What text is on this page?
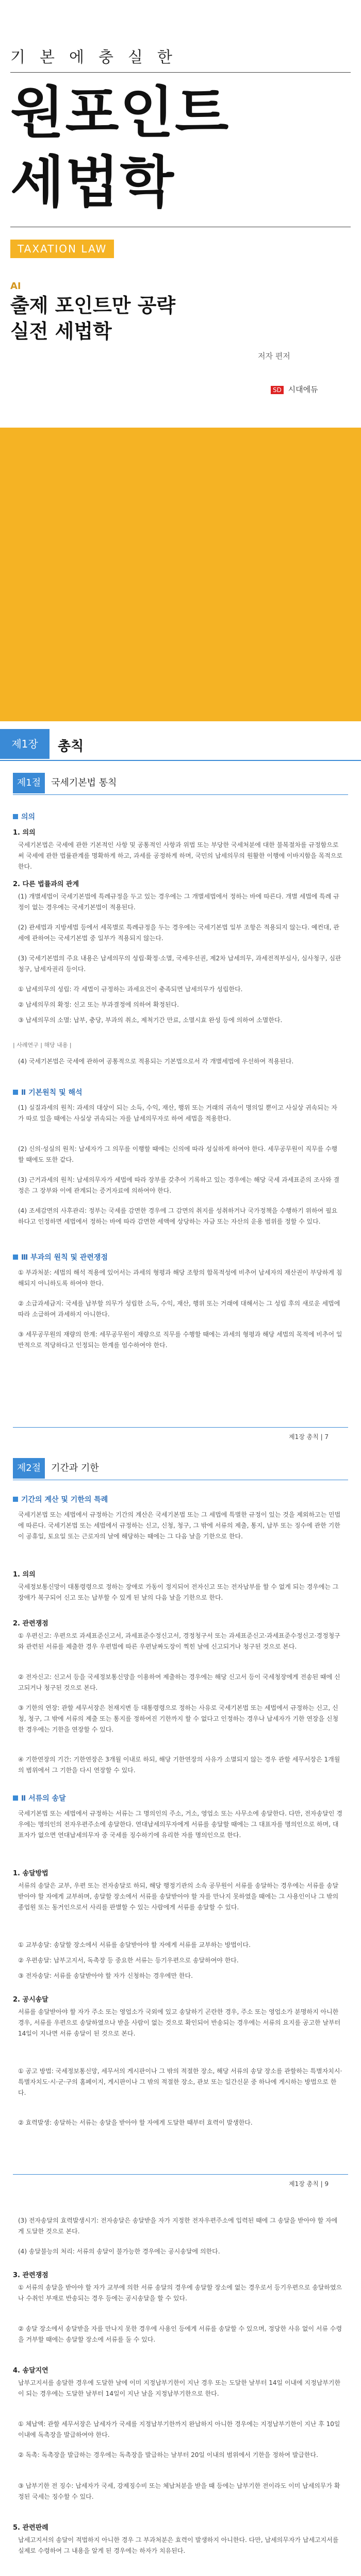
기본에충실한
원포인트
세법학
TAXATION LAW
AI
출제 포인트만 공략
실전 세법학
저자 편저
SD 시대에듀
제1장	총칙
제1절	국세기본법 통칙
의의
1. 의의
국세기본법은 국세에 관한 기본적인 사항 및 공통적인 사항과 위법 또는 부당한 국세처분에 대한 불복절차를 규정함으로써 국세에 관한 법률관계를 명확하게 하고, 과세를 공정하게 하며, 국민의 납세의무의 원활한 이행에 이바지함을 목적으로 한다.
2. 다른 법률과의 관계
(1) 개별세법이 국세기본법에 특례규정을 두고 있는 경우에는 그 개별세법에서 정하는 바에 따른다. 개별 세법에 특례 규정이 없는 경우에는 국세기본법이 적용된다.
(2) 관세법과 지방세법 등에서 세목별로 특례규정을 두는 경우에는 국세기본법 일부 조항은 적용되지 않는다. 예컨대, 관세에 관하여는 국세기본법 중 일부가 적용되지 않는다.
(3) 국세기본법의 주요 내용은 납세의무의 성립·확정·소멸, 국세우선권, 제2차 납세의무, 과세전적부심사, 심사청구, 심판청구, 납세자권리 등이다.
① 납세의무의 성립: 각 세법이 규정하는 과세요건이 충족되면 납세의무가 성립한다.
② 납세의무의 확정: 신고 또는 부과결정에 의하여 확정된다.
③ 납세의무의 소멸: 납부, 충당, 부과의 취소, 제척기간 만료, 소멸시효 완성 등에 의하여 소멸한다.
| 사례연구 | 해당 내용 |
(4) 국세기본법은 국세에 관하여 공통적으로 적용되는 기본법으로서 각 개별세법에 우선하여 적용된다.
Ⅱ 기본원칙 및 해석
(1) 실질과세의 원칙: 과세의 대상이 되는 소득, 수익, 재산, 행위 또는 거래의 귀속이 명의일 뿐이고 사실상 귀속되는 자가 따로 있을 때에는 사실상 귀속되는 자를 납세의무자로 하여 세법을 적용한다.
(2) 신의·성실의 원칙: 납세자가 그 의무를 이행할 때에는 신의에 따라 성실하게 하여야 한다. 세무공무원이 직무를 수행할 때에도 또한 같다.
(3) 근거과세의 원칙: 납세의무자가 세법에 따라 장부를 갖추어 기록하고 있는 경우에는 해당 국세 과세표준의 조사와 결정은 그 장부와 이에 관계되는 증거자료에 의하여야 한다.
(4) 조세감면의 사후관리: 정부는 국세를 감면한 경우에 그 감면의 취지를 성취하거나 국가정책을 수행하기 위하여 필요하다고 인정하면 세법에서 정하는 바에 따라 감면한 세액에 상당하는 자금 또는 자산의 운용 범위를 정할 수 있다.
Ⅲ 부과의 원칙 및 관련쟁점
① 부과처분: 세법의 해석 적용에 있어서는 과세의 형평과 해당 조항의 합목적성에 비추어 납세자의 재산권이 부당하게 침해되지 아니하도록 하여야 한다.
② 소급과세금지: 국세를 납부할 의무가 성립한 소득, 수익, 재산, 행위 또는 거래에 대해서는 그 성립 후의 새로운 세법에 따라 소급하여 과세하지 아니한다.
③ 세무공무원의 재량의 한계: 세무공무원이 재량으로 직무를 수행할 때에는 과세의 형평과 해당 세법의 목적에 비추어 일반적으로 적당하다고 인정되는 한계를 엄수하여야 한다.
제1장 총칙 | 7
제2절	기간과 기한
기간의 계산 및 기한의 특례
국세기본법 또는 세법에서 규정하는 기간의 계산은 국세기본법 또는 그 세법에 특별한 규정이 있는 것을 제외하고는 민법에 따른다. 국세기본법 또는 세법에서 규정하는 신고, 신청, 청구, 그 밖에 서류의 제출, 통지, 납부 또는 징수에 관한 기한이 공휴일, 토요일 또는 근로자의 날에 해당하는 때에는 그 다음 날을 기한으로 한다.
1. 의의
국세정보통신망이 대통령령으로 정하는 장애로 가동이 정지되어 전자신고 또는 전자납부를 할 수 없게 되는 경우에는 그 장애가 복구되어 신고 또는 납부할 수 있게 된 날의 다음 날을 기한으로 한다.
2. 관련쟁점
① 우편신고: 우편으로 과세표준신고서, 과세표준수정신고서, 경정청구서 또는 과세표준신고·과세표준수정신고·경정청구와 관련된 서류를 제출한 경우 우편법에 따른 우편날짜도장이 찍힌 날에 신고되거나 청구된 것으로 본다.
② 전자신고: 신고서 등을 국세정보통신망을 이용하여 제출하는 경우에는 해당 신고서 등이 국세청장에게 전송된 때에 신고되거나 청구된 것으로 본다.
③ 기한의 연장: 관할 세무서장은 천재지변 등 대통령령으로 정하는 사유로 국세기본법 또는 세법에서 규정하는 신고, 신청, 청구, 그 밖에 서류의 제출 또는 통지를 정하여진 기한까지 할 수 없다고 인정하는 경우나 납세자가 기한 연장을 신청한 경우에는 기한을 연장할 수 있다.
④ 기한연장의 기간: 기한연장은 3개월 이내로 하되, 해당 기한연장의 사유가 소멸되지 않는 경우 관할 세무서장은 1개월의 범위에서 그 기한을 다시 연장할 수 있다.
Ⅱ 서류의 송달
국세기본법 또는 세법에서 규정하는 서류는 그 명의인의 주소, 거소, 영업소 또는 사무소에 송달한다. 다만, 전자송달인 경우에는 명의인의 전자우편주소에 송달한다. 연대납세의무자에게 서류를 송달할 때에는 그 대표자를 명의인으로 하며, 대표자가 없으면 연대납세의무자 중 국세를 징수하기에 유리한 자를 명의인으로 한다.
1. 송달방법
서류의 송달은 교부, 우편 또는 전자송달로 하되, 해당 행정기관의 소속 공무원이 서류를 송달하는 경우에는 서류를 송달받아야 할 자에게 교부하며, 송달할 장소에서 서류를 송달받아야 할 자를 만나지 못하였을 때에는 그 사용인이나 그 밖의 종업원 또는 동거인으로서 사리를 판별할 수 있는 사람에게 서류를 송달할 수 있다.
① 교부송달: 송달할 장소에서 서류를 송달받아야 할 자에게 서류를 교부하는 방법이다.
② 우편송달: 납부고지서, 독촉장 등 중요한 서류는 등기우편으로 송달하여야 한다.
③ 전자송달: 서류를 송달받아야 할 자가 신청하는 경우에만 한다.
2. 공시송달
서류를 송달받아야 할 자가 주소 또는 영업소가 국외에 있고 송달하기 곤란한 경우, 주소 또는 영업소가 분명하지 아니한 경우, 서류를 우편으로 송달하였으나 받을 사람이 없는 것으로 확인되어 반송되는 경우에는 서류의 요지를 공고한 날부터 14일이 지나면 서류 송달이 된 것으로 본다.
① 공고 방법: 국세정보통신망, 세무서의 게시판이나 그 밖의 적절한 장소, 해당 서류의 송달 장소를 관할하는 특별자치시·특별자치도·시·군·구의 홈페이지, 게시판이나 그 밖의 적절한 장소, 관보 또는 일간신문 중 하나에 게시하는 방법으로 한다.
② 효력발생: 송달하는 서류는 송달을 받아야 할 자에게 도달한 때부터 효력이 발생한다.
제1장 총칙 | 9
(3) 전자송달의 효력발생시기: 전자송달은 송달받을 자가 지정한 전자우편주소에 입력된 때에 그 송달을 받아야 할 자에게 도달한 것으로 본다.
(4) 송달불능의 처리: 서류의 송달이 불가능한 경우에는 공시송달에 의한다.
3. 관련쟁점
① 서류의 송달을 받아야 할 자가 교부에 의한 서류 송달의 경우에 송달할 장소에 없는 경우로서 등기우편으로 송달하였으나 수취인 부재로 반송되는 경우 등에는 공시송달을 할 수 있다.
② 송달 장소에서 송달받을 자를 만나지 못한 경우에 사용인 등에게 서류를 송달할 수 있으며, 정당한 사유 없이 서류 수령을 거부할 때에는 송달할 장소에 서류를 둘 수 있다.
4. 송달지연
납부고지서를 송달한 경우에 도달한 날에 이미 지정납부기한이 지난 경우 또는 도달한 날부터 14일 이내에 지정납부기한이 되는 경우에는 도달한 날부터 14일이 지난 날을 지정납부기한으로 한다.
① 체납액: 관할 세무서장은 납세자가 국세를 지정납부기한까지 완납하지 아니한 경우에는 지정납부기한이 지난 후 10일 이내에 독촉장을 발급하여야 한다.
② 독촉: 독촉장을 발급하는 경우에는 독촉장을 발급하는 날부터 20일 이내의 범위에서 기한을 정하여 발급한다.
③ 납부기한 전 징수: 납세자가 국세, 강제징수비 또는 체납처분을 받을 때 등에는 납부기한 전이라도 이미 납세의무가 확정된 국세는 징수할 수 있다.
5. 관련판례
납세고지서의 송달이 적법하지 아니한 경우 그 부과처분은 효력이 발생하지 아니한다. 다만, 납세의무자가 납세고지서를 실제로 수령하여 그 내용을 알게 된 경우에는 하자가 치유된다.
